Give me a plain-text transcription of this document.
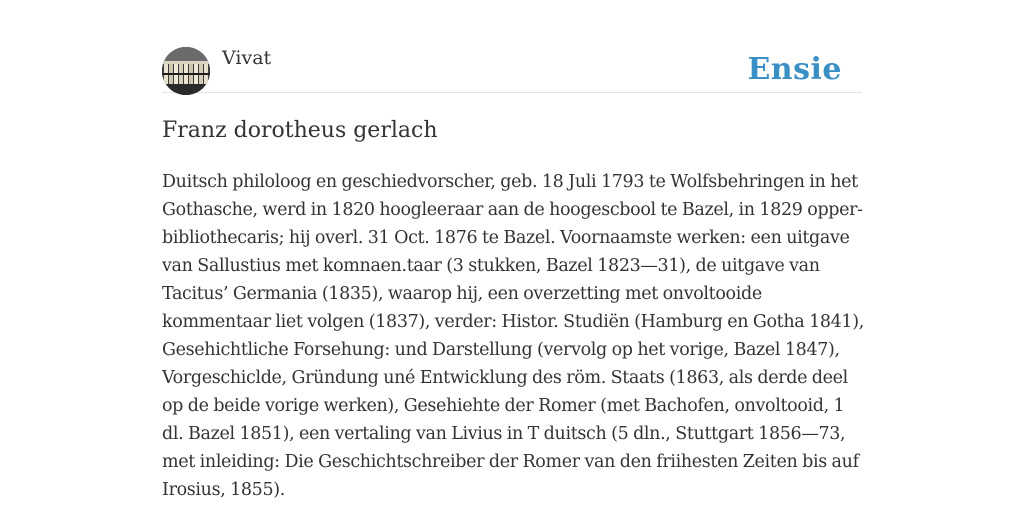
Vivat	Ensie
Franz dorotheus gerlach

Duitsch philoloog en geschiedvorscher, geb. 18 Juli 1793 te Wolfsbehringen in het Gothasche, werd in 1820 hoogleeraar aan de hoogescbool te Bazel, in 1829 opper-bibliothecaris; hij overl. 31 Oct. 1876 te Bazel. Voornaamste werken: een uitgave van Sallustius met komnaen.taar (3 stukken, Bazel 1823—31), de uitgave van Tacitus’ Germania (1835), waarop hij, een overzetting met onvoltooide kommentaar liet volgen (1837), verder: Histor. Studiën (Hamburg en Gotha 1841), Gesehichtliche Forsehung: und Darstellung (vervolg op het vorige, Bazel 1847), Vorgeschiclde, Gründung uné Entwicklung des röm. Staats (1863, als derde deel op de beide vorige werken), Gesehiehte der Romer (met Bachofen, onvoltooid, 1 dl. Bazel 1851), een vertaling van Livius in T duitsch (5 dln., Stuttgart 1856—73, met inleiding: Die Geschichtschreiber der Romer van den friihesten Zeiten bis auf Irosius, 1855).
